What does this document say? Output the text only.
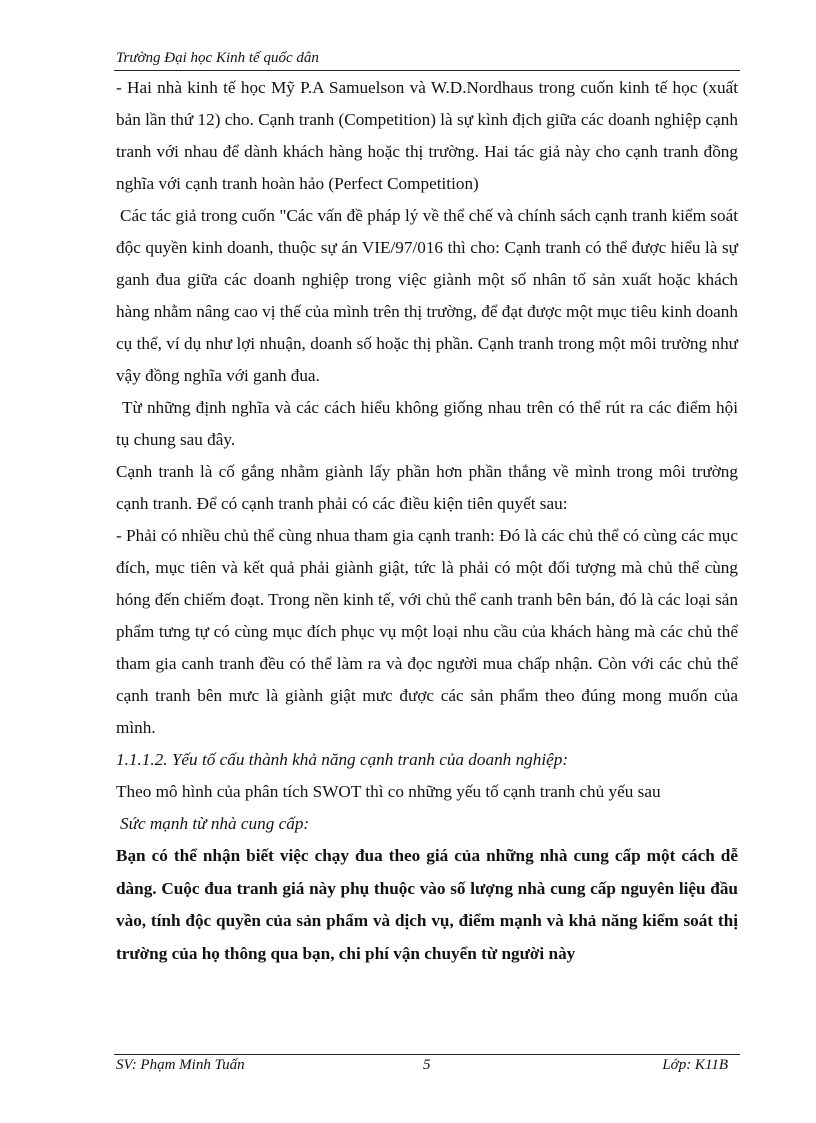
Trường Đại học Kinh tế quốc dân

- Hai nhà kinh tế học Mỹ P.A Samuelson và W.D.Nordhaus trong cuốn kinh tế học (xuất bản lần thứ 12) cho. Cạnh tranh (Competition) là sự kình địch giữa các doanh nghiệp cạnh tranh với nhau để dành khách hàng hoặc thị trường. Hai tác giả này cho cạnh tranh đồng nghĩa với cạnh tranh hoàn hảo (Perfect Competition)

Các tác giả trong cuốn "Các vấn đề pháp lý về thể chế và chính sách cạnh tranh kiểm soát độc quyền kinh doanh, thuộc sự án VIE/97/016 thì cho: Cạnh tranh có thể được hiểu là sự ganh đua giữa các doanh nghiệp trong việc giành một số nhân tố sản xuất hoặc khách hàng nhằm nâng cao vị thế của mình trên thị trường, để đạt được một mục tiêu kinh doanh cụ thể, ví dụ như lợi nhuận, doanh số hoặc thị phần. Cạnh tranh trong một môi trường như vậy đồng nghĩa với ganh đua.

Từ những định nghĩa và các cách hiểu không giống nhau trên có thể rút ra các điểm hội tụ chung sau đây.

Cạnh tranh là cố gắng nhằm giành lấy phần hơn phần thắng về mình trong môi trường cạnh tranh. Để có cạnh tranh phải có các điều kiện tiên quyết sau:

- Phải có nhiều chủ thể cùng nhua tham gia cạnh tranh: Đó là các chủ thể có cùng các mục đích, mục tiên và kết quả phải giành giật, tức là phải có một đối tượng mà chủ thể cùng hóng đến chiếm đoạt. Trong nền kinh tế, với chủ thể canh tranh bên bán, đó là các loại sản phẩm tưng tự có cùng mục đích phục vụ một loại nhu cầu của khách hàng mà các chủ thể tham gia canh tranh đều có thể làm ra và đọc người mua chấp nhận. Còn với các chủ thể cạnh tranh bên mưc là giành giật mưc được các sản phẩm theo đúng mong muốn của mình.

1.1.1.2. Yếu tố cấu thành khả năng cạnh tranh của doanh nghiệp:

Theo mô hình của phân tích SWOT thì co những yếu tố cạnh tranh chủ yếu sau

Sức mạnh từ nhà cung cấp:

Bạn có thể nhận biết việc chạy đua theo giá của những nhà cung cấp một cách dễ dàng. Cuộc đua tranh giá này phụ thuộc vào số lượng nhà cung cấp nguyên liệu đầu vào, tính độc quyền của sản phẩm và dịch vụ, điểm mạnh và khả năng kiểm soát thị trường của họ thông qua bạn, chi phí vận chuyển từ người này

SV: Phạm Minh Tuấn	5	Lớp: K11B
